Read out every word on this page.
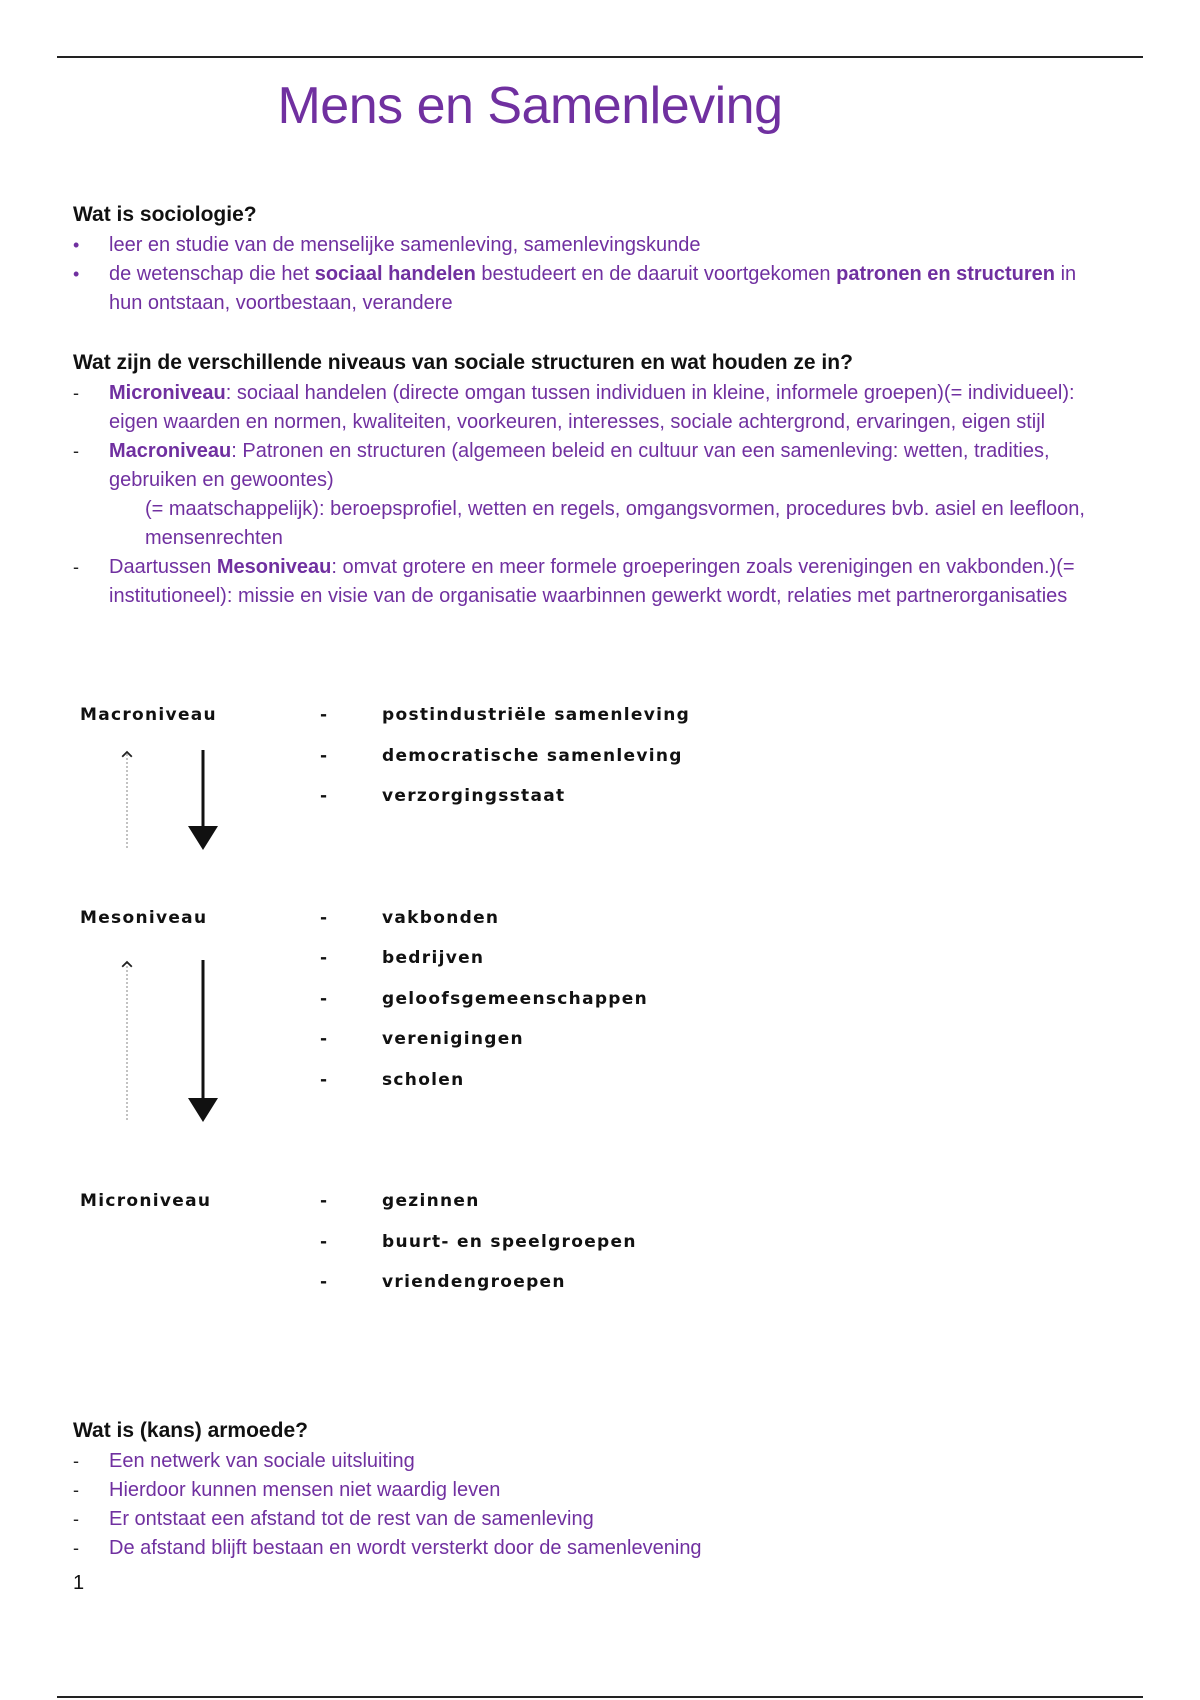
Mens en Samenleving
Wat is sociologie?
• leer en studie van de menselijke samenleving, samenlevingskunde
• de wetenschap die het sociaal handelen bestudeert en de daaruit voortgekomen patronen en structuren in hun ontstaan, voortbestaan, verandere
Wat zijn de verschillende niveaus van sociale structuren en wat houden ze in?
- Microniveau: sociaal handelen (directe omgan tussen individuen in kleine, informele groepen)(= individueel): eigen waarden en normen, kwaliteiten, voorkeuren, interesses, sociale achtergrond, ervaringen, eigen stijl
- Macroniveau: Patronen en structuren (algemeen beleid en cultuur van een samenleving: wetten, tradities, gebruiken en gewoontes)
(= maatschappelijk): beroepsprofiel, wetten en regels, omgangsvormen, procedures bvb. asiel en leefloon, mensenrechten
- Daartussen Mesoniveau: omvat grotere en meer formele groeperingen zoals verenigingen en vakbonden.)(= institutioneel): missie en visie van de organisatie waarbinnen gewerkt wordt, relaties met partnerorganisaties
Macroniveau	-	postindustriële samenleving
-	democratische samenleving
-	verzorgingsstaat
Mesoniveau	-	vakbonden
-	bedrijven
-	geloofsgemeenschappen
-	verenigingen
-	scholen
Microniveau	-	gezinnen
-	buurt- en speelgroepen
-	vriendengroepen
Wat is (kans) armoede?
- Een netwerk van sociale uitsluiting
- Hierdoor kunnen mensen niet waardig leven
- Er ontstaat een afstand tot de rest van de samenleving
- De afstand blijft bestaan en wordt versterkt door de samenlevening
1
